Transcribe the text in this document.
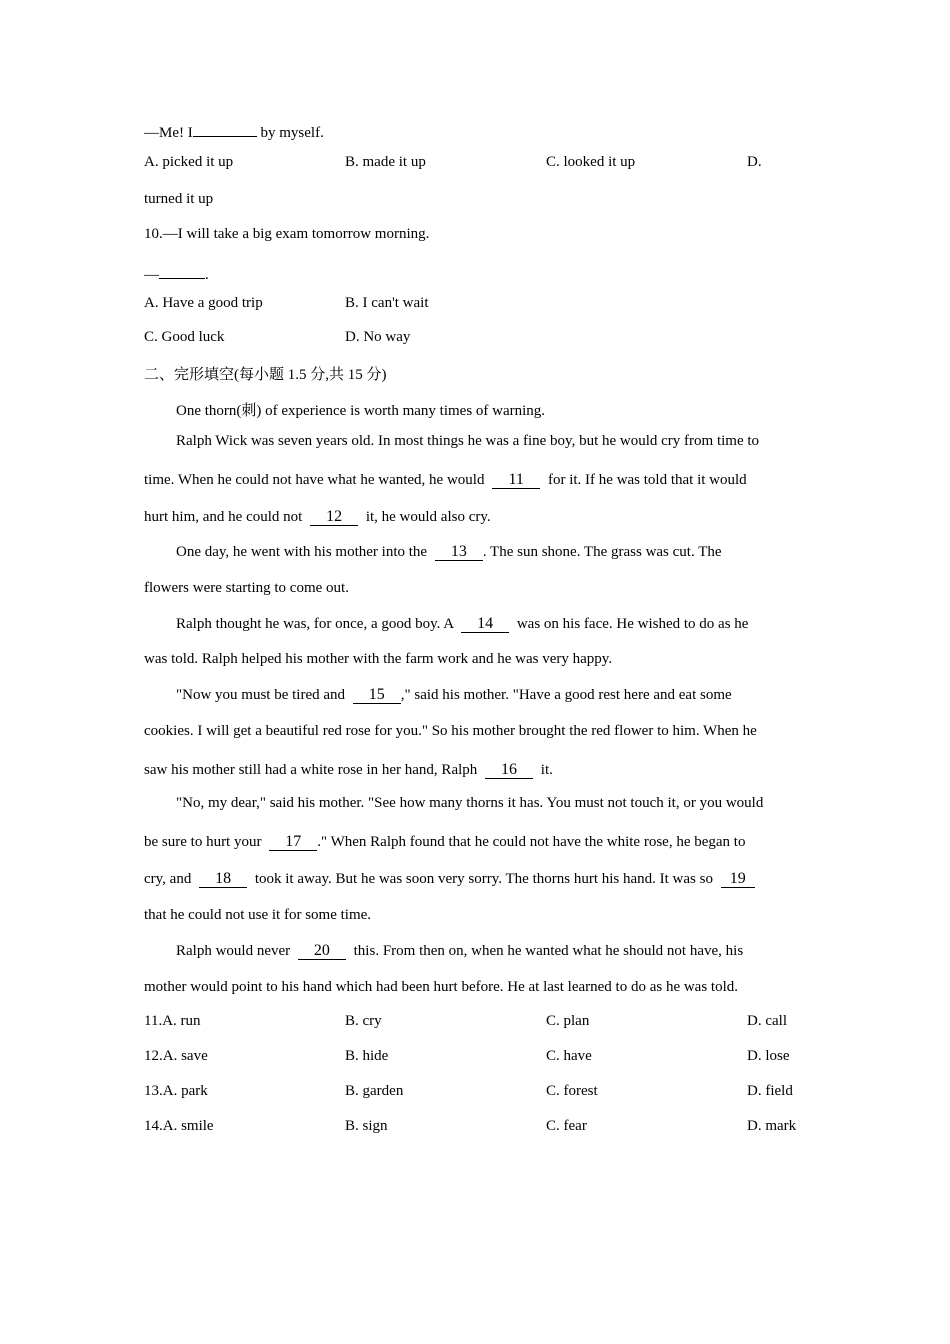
—Me! I	by myself.
A. picked it up	B. made it up	C. looked it up	D.
turned it up
10.—I will take a big exam tomorrow morning.
—	.
A. Have a good trip	B. I can't wait
C. Good luck	D. No way
二、完形填空(每小题 1.5 分,共 15 分)
One thorn(刺) of experience is worth many times of warning.
Ralph Wick was seven years old. In most things he was a fine boy, but he would cry from time to
time. When he could not have what he wanted, he would 11 for it. If he was told that it would
hurt him, and he could not 12 it, he would also cry.
One day, he went with his mother into the 13 . The sun shone. The grass was cut. The
flowers were starting to come out.
Ralph thought he was, for once, a good boy. A 14 was on his face. He wished to do as he
was told. Ralph helped his mother with the farm work and he was very happy.
"Now you must be tired and 15 ," said his mother. "Have a good rest here and eat some
cookies. I will get a beautiful red rose for you." So his mother brought the red flower to him. When he
saw his mother still had a white rose in her hand, Ralph 16 it.
"No, my dear," said his mother. "See how many thorns it has. You must not touch it, or you would
be sure to hurt your 17 ." When Ralph found that he could not have the white rose, he began to
cry, and 18 took it away. But he was soon very sorry. The thorns hurt his hand. It was so 19
that he could not use it for some time.
Ralph would never 20 this. From then on, when he wanted what he should not have, his
mother would point to his hand which had been hurt before. He at last learned to do as he was told.
11.A. run	B. cry	C. plan	D. call
12.A. save	B. hide	C. have	D. lose
13.A. park	B. garden	C. forest	D. field
14.A. smile	B. sign	C. fear	D. mark
